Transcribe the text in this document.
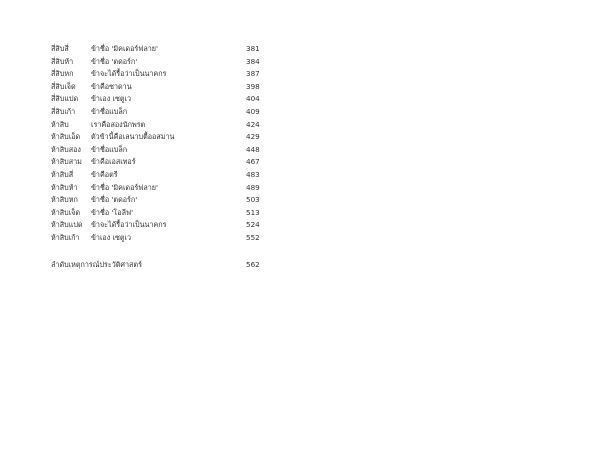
สี่สิบสี่	ข้าชื่อ 'มิคเดอร์ฟลาย'	381
สี่สิบห้า	ข้าชื่อ 'ตดอร์ก'	384
สี่สิบหก	ข้าจะได้รื้อว่าเป็นนาคกร	387
สี่สิบเจ็ด	ข้าคือซาดาน	398
สี่สิบแปด	ข้าเอง เซตูเว	404
สี่สิบเก้า	ข้าชื่อแบล็ก	409
ห้าสิบ	เราคือสองนักพรต	424
ห้าสิบเอ็ด	ตัวข้านี้คือเลนาบตื้ออสมาน	429
ห้าสิบสอง	ข้าชื่อแบล็ก	448
ห้าสิบสาม	ข้าคือเอสเทอร์	467
ห้าสิบสี่	ข้าคือตรี	483
ห้าสิบห้า	ข้าชื่อ 'มิคเดอร์ฟลาย'	489
ห้าสิบหก	ข้าชื่อ 'ตดอร์ก'	503
ห้าสิบเจ็ด	ข้าชื่อ 'โอลีฟ'	513
ห้าสิบแปด	ข้าจะได้รื้อว่าเป็นนาคกร	524
ห้าสิบเก้า	ข้าเอง เซตูเว	552
ลำดับเหตุการณ์ประวัติศาสตร์	562
